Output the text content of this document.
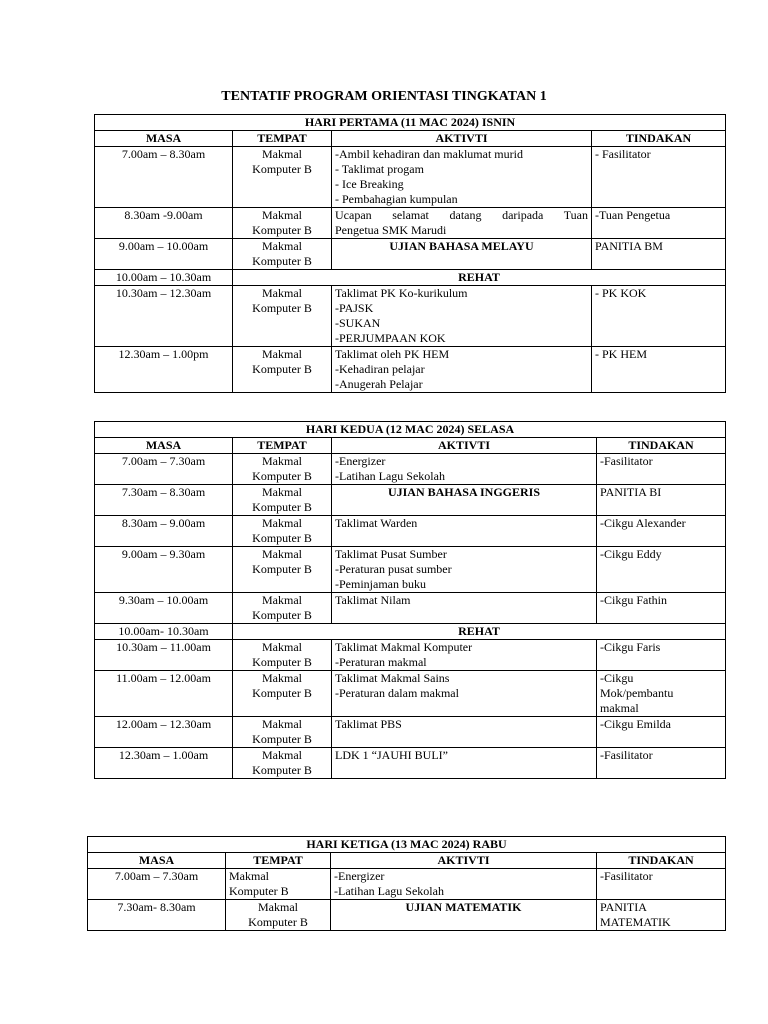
TENTATIF PROGRAM ORIENTASI TINGKATAN 1
HARI PERTAMA (11 MAC 2024) ISNIN			
MASA	TEMPAT	AKTIVTI	TINDAKAN
7.00am – 8.30am	Makmal
Komputer B	-Ambil kehadiran dan maklumat murid
- Taklimat progam
- Ice Breaking
- Pembahagian kumpulan	- Fasilitator

8.30am -9.00am	Makmal
Komputer B	Ucapan selamat datang daripada Tuan
Pengetua SMK Marudi	-Tuan Pengetua

9.00am – 10.00am	Makmal
Komputer B	UJIAN BAHASA MELAYU	PANITIA BM

10.00am – 10.30am	REHAT		
10.30am – 12.30am	Makmal
Komputer B	Taklimat PK Ko-kurikulum
-PAJSK
-SUKAN
-PERJUMPAAN KOK	- PK KOK

12.30am – 1.00pm	Makmal
Komputer B	Taklimat oleh PK HEM
-Kehadiran pelajar
-Anugerah Pelajar	- PK HEM
HARI KEDUA (12 MAC 2024) SELASA			
MASA	TEMPAT	AKTIVTI	TINDAKAN
7.00am – 7.30am	Makmal
Komputer B	-Energizer
-Latihan Lagu Sekolah	-Fasilitator

7.30am – 8.30am	Makmal
Komputer B	UJIAN BAHASA INGGERIS	PANITIA BI

8.30am – 9.00am	Makmal
Komputer B	Taklimat Warden	-Cikgu Alexander

9.00am – 9.30am	Makmal
Komputer B	Taklimat Pusat Sumber
-Peraturan pusat sumber
-Peminjaman buku	-Cikgu Eddy

9.30am – 10.00am	Makmal
Komputer B	Taklimat Nilam	-Cikgu Fathin

10.00am- 10.30am	REHAT		
10.30am – 11.00am	Makmal
Komputer B	Taklimat Makmal Komputer
-Peraturan makmal	-Cikgu Faris

11.00am – 12.00am	Makmal
Komputer B	Taklimat Makmal Sains
-Peraturan dalam makmal	-Cikgu
Mok/pembantu
makmal

12.00am – 12.30am	Makmal
Komputer B	Taklimat PBS	-Cikgu Emilda

12.30am – 1.00am	Makmal
Komputer B	LDK 1 “JAUHI BULI”	-Fasilitator
HARI KETIGA (13 MAC 2024) RABU			
MASA	TEMPAT	AKTIVTI	TINDAKAN
7.00am – 7.30am	Makmal
Komputer B	-Energizer
-Latihan Lagu Sekolah	-Fasilitator

7.30am- 8.30am	Makmal
Komputer B	UJIAN MATEMATIK	PANITIA
MATEMATIK
